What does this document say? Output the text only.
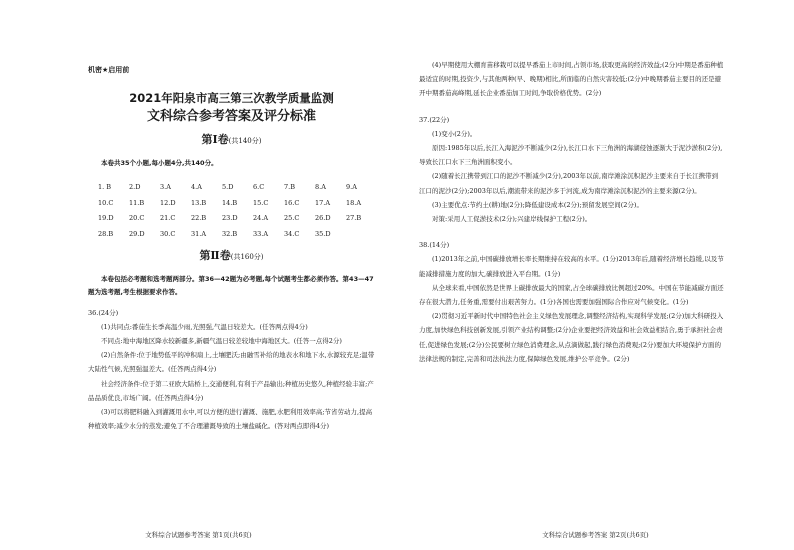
机密★启用前

2021年阳泉市高三第三次教学质量监测

文科综合参考答案及评分标准

第Ⅰ卷(共140分)

本卷共35个小题,每小题4分,共140分。

1. B	2.D	3.A	4.A	5.D	6.C	7.B	8.A	9.A
10.C	11.B	12.D	13.B	14.B	15.C	16.C	17.A	18.A
19.D	20.C	21.C	22.B	23.D	24.A	25.C	26.D	27.B
28.B	29.D	30.C	31.A	32.B	33.A	34.C	35.D

第Ⅱ卷(共160分)

本卷包括必考题和选考题两部分。第36—42题为必考题,每个试题考生都必须作答。第43—47题为选考题,考生根据要求作答。

36.(24分)

(1)共同点:番茄生长季高温少雨,光照强,气温日较差大。(任答两点得4分)

不同点:地中海地区降水较新疆多,新疆气温日较差较地中海地区大。(任答一点得2分)

(2)自然条件:位于地势低平的冲积扇上,土壤肥沃;由融雪补给的地表水和地下水,水源较充足;温带大陆性气候,光照强温差大。(任答两点得4分)

社会经济条件:位于第二亚欧大陆桥上,交通便利,有利于产品输出;种植历史悠久,种植经验丰富;产品品质优良,市场广阔。(任答两点得4分)

(3)可以将肥料融入到灌溉用水中,可以方便的进行灌溉、施肥,水肥利用效率高;节省劳动力,提高种植效率;减少水分的蒸发;避免了不合理灌溉导致的土壤盐碱化。(答对两点即得4分)

文科综合试题参考答案 第1页(共6页)

(4)早期使用大棚育苗移栽可以提早番茄上市时间,占领市场,获取更高的经济效益;(2分)中期是番茄种植最适宜的时期,投资少,与其他两种(早、晚期)相比,所面临的自然灾害较低;(2分)中晚期番茄主要目的还是避开中期番茄高峰期,延长企业番茄加工时间,争取价格优势。(2分)

37.(22分)

(1)变小(2分)。

原因:1985年以后,长江入海泥沙不断减少(2分),长江口水下三角洲的海湖侵蚀逐渐大于泥沙淤积(2分),导致长江口水下三角洲面积变小。

(2)随着长江携带到江口的泥沙不断减少(2分),2003年以前,南岸滩涂沉积泥沙主要来自于长江携带到江口的泥沙(2分);2003年以后,潮流带来的泥沙多于河流,成为南岸滩涂沉积泥沙的主要来源(2分)。

(3)主要优点:节约土(耕)地(2分);降低建设成本(2分);预留发展空间(2分)。

对策:采用人工促淤技术(2分);兴建岸线保护工程(2分)。

38.(14分)

(1)2013年之前,中国碳排放增长率长期维持在较高的水平。(1分)2013年后,随着经济增长趋缓,以及节能减排措施力度的加大,碳排放进入平台期。(1分)

从全球来看,中国依然是世界上碳排放最大的国家,占全球碳排放比例超过20%。中国在节能减碳方面还存在很大潜力,任务重,需要付出艰苦努力。(1分)各国也需要加强国际合作应对气候变化。(1分)

(2)贯彻习近平新时代中国特色社会主义绿色发展理念,调整经济结构,实现科学发展;(2分)加大科研投入力度,加快绿色科技创新发展,引领产业结构调整;(2分)企业要把经济效益和社会效益相结合,勇于承担社会责任,促进绿色发展;(2分)公民要树立绿色消费理念,从点滴做起,践行绿色消费观;(2分)要加大环境保护方面的法律法规的制定,完善和司法执法力度,保障绿色发展,维护公平竞争。(2分)

文科综合试题参考答案 第2页(共6页)
